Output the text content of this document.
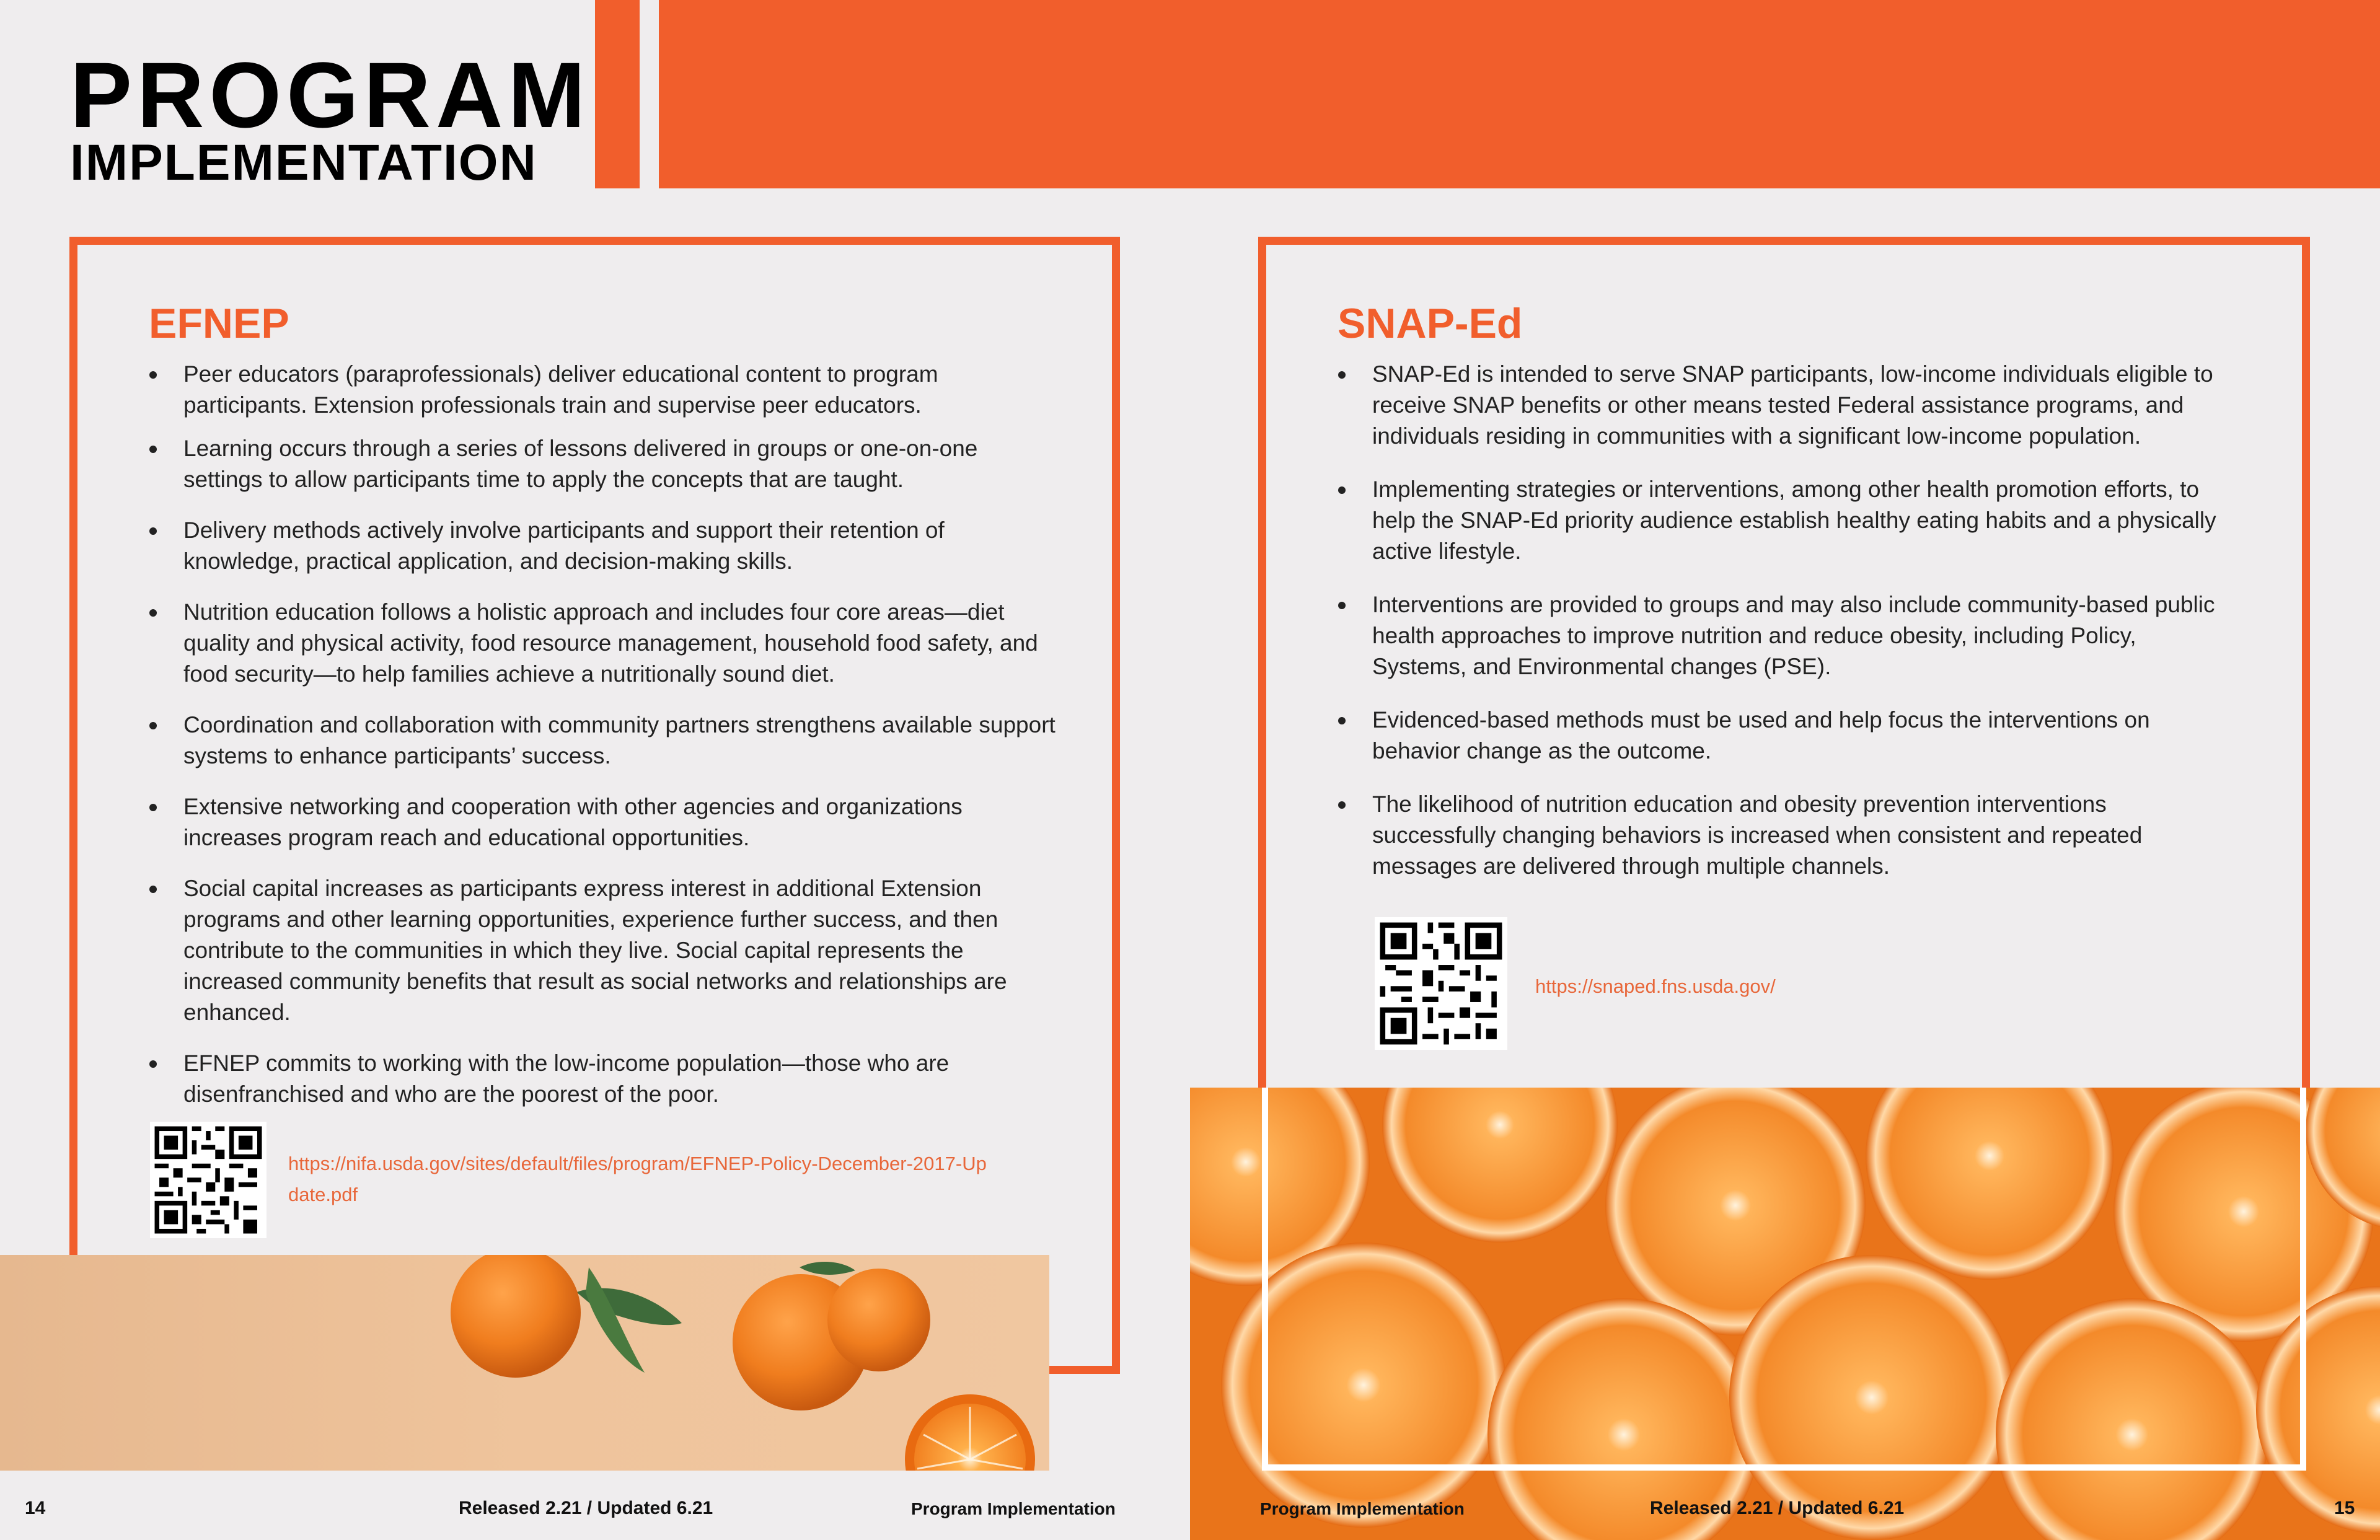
PROGRAM
IMPLEMENTATION
EFNEP
Peer educators (paraprofessionals) deliver educational content to program participants. Extension professionals train and supervise peer educators.
Learning occurs through a series of lessons delivered in groups or one-on-one settings to allow participants time to apply the concepts that are taught.
Delivery methods actively involve participants and support their retention of knowledge, practical application, and decision-making skills.
Nutrition education follows a holistic approach and includes four core areas—diet quality and physical activity, food resource management, household food safety, and food security—to help families achieve a nutritionally sound diet.
Coordination and collaboration with community partners strengthens available support systems to enhance participants’ success.
Extensive networking and cooperation with other agencies and organizations increases program reach and educational opportunities.
Social capital increases as participants express interest in additional Extension programs and other learning opportunities, experience further success, and then contribute to the communities in which they live. Social capital represents the increased community benefits that result as social networks and relationships are enhanced.
EFNEP commits to working with the low-income population—those who are disenfranchised and who are the poorest of the poor.
https://nifa.usda.gov/sites/default/files/program/EFNEP-Policy-December-2017-Up
date.pdf
SNAP-Ed
SNAP-Ed is intended to serve SNAP participants, low-income individuals eligible to receive SNAP benefits or other means tested Federal assistance programs, and individuals residing in communities with a significant low-income population.
Implementing strategies or interventions, among other health promotion efforts, to help the SNAP-Ed priority audience establish healthy eating habits and a physically active lifestyle.
Interventions are provided to groups and may also include community-based public health approaches to improve nutrition and reduce obesity, including Policy, Systems, and Environmental changes (PSE).
Evidenced-based methods must be used and help focus the interventions on behavior change as the outcome.
The likelihood of nutrition education and obesity prevention interventions successfully changing behaviors is increased when consistent and repeated messages are delivered through multiple channels.
https://snaped.fns.usda.gov/
14	Released 2.21 / Updated 6.21	Program Implementation	Program Implementation	Released 2.21 / Updated 6.21	15
